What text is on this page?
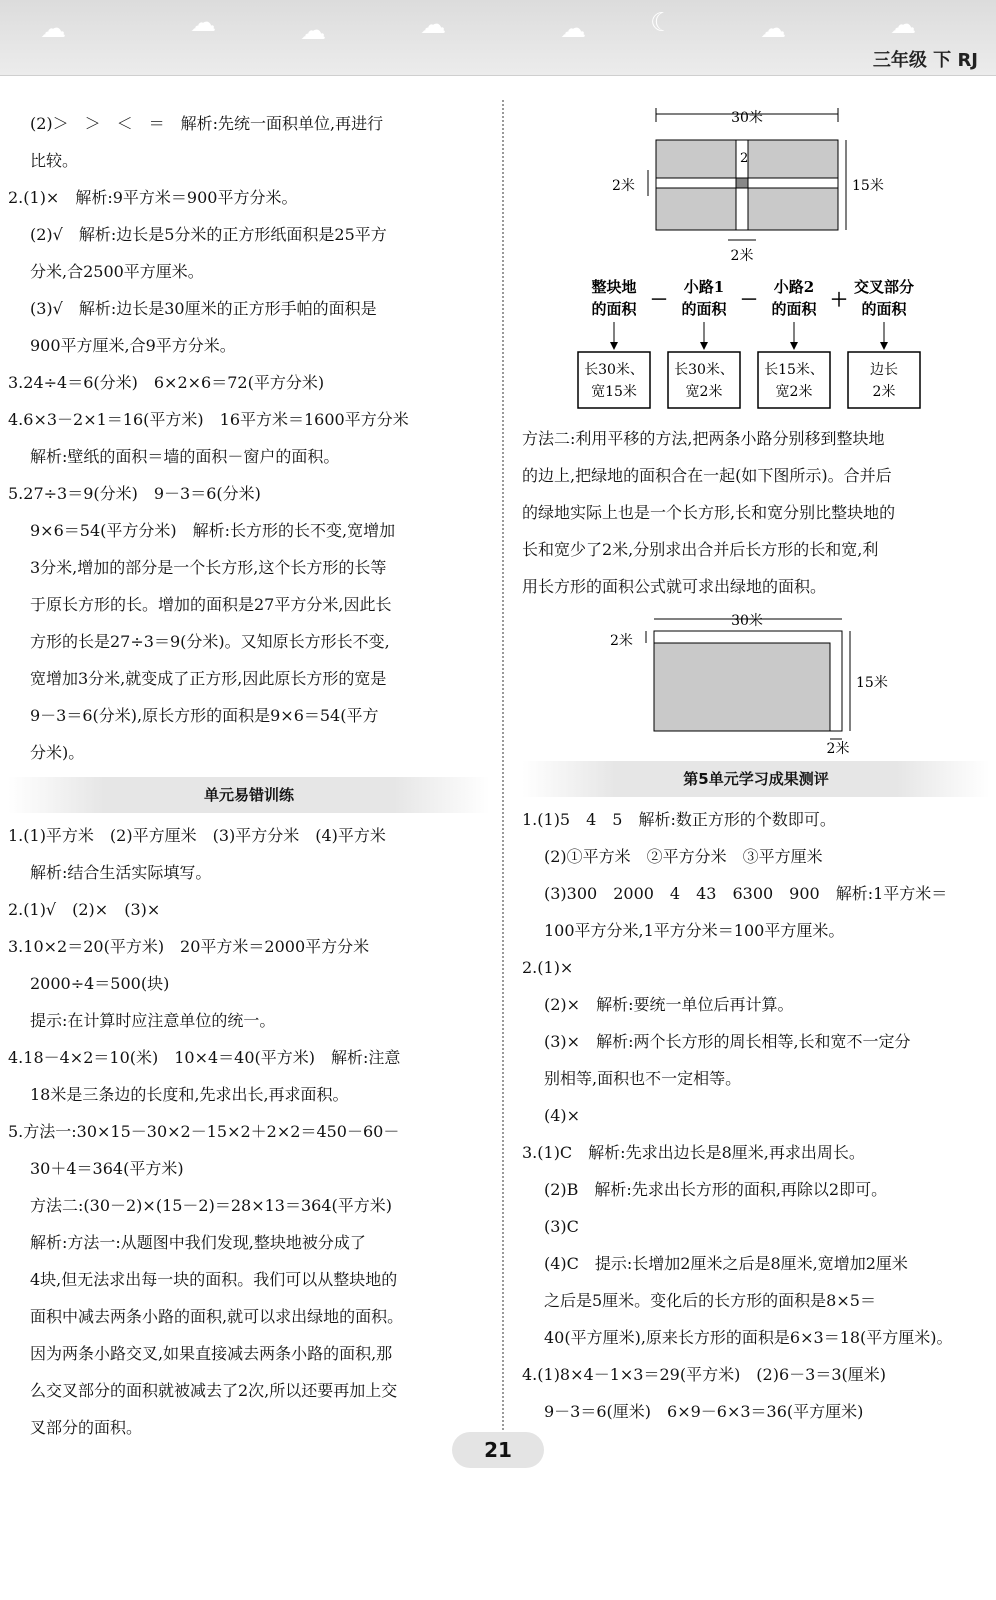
☁	☁	☁	☁	☁ ☾	☁	☁
三年级 下 RJ
(2)＞　＞　＜　＝　解析:先统一面积单位,再进行
比较。
2.(1)×　解析:9平方米＝900平方分米。
(2)√　解析:边长是5分米的正方形纸面积是25平方
分米,合2500平方厘米。
(3)√　解析:边长是30厘米的正方形手帕的面积是
900平方厘米,合9平方分米。
3.24÷4＝6(分米)　6×2×6＝72(平方分米)
4.6×3－2×1＝16(平方米)　16平方米＝1600平方分米
解析:壁纸的面积＝墙的面积－窗户的面积。
5.27÷3＝9(分米)　9－3＝6(分米)
9×6＝54(平方分米)　解析:长方形的长不变,宽增加
3分米,增加的部分是一个长方形,这个长方形的长等
于原长方形的长。增加的面积是27平方分米,因此长
方形的长是27÷3＝9(分米)。又知原长方形长不变,
宽增加3分米,就变成了正方形,因此原长方形的宽是
9－3＝6(分米),原长方形的面积是9×6＝54(平方
分米)。
单元易错训练
1.(1)平方米　(2)平方厘米　(3)平方分米　(4)平方米
解析:结合生活实际填写。
2.(1)√　(2)×　(3)×
3.10×2＝20(平方米)　20平方米＝2000平方分米
2000÷4＝500(块)
提示:在计算时应注意单位的统一。
4.18－4×2＝10(米)　10×4＝40(平方米)　解析:注意
18米是三条边的长度和,先求出长,再求面积。
5.方法一:30×15－30×2－15×2＋2×2＝450－60－
30＋4＝364(平方米)
方法二:(30－2)×(15－2)＝28×13＝364(平方米)
解析:方法一:从题图中我们发现,整块地被分成了
4块,但无法求出每一块的面积。我们可以从整块地的
面积中减去两条小路的面积,就可以求出绿地的面积。
因为两条小路交叉,如果直接减去两条小路的面积,那
么交叉部分的面积就被减去了2次,所以还要再加上交
叉部分的面积。
30米
2
2米	15米
2米
整块地
的面积
长30米、
宽15米
小路1
的面积
长30米、
宽2米
小路2
的面积
长15米、
宽2米
交叉部分
的面积
边长
2米
－	－	＋
方法二:利用平移的方法,把两条小路分别移到整块地
的边上,把绿地的面积合在一起(如下图所示)。合并后
的绿地实际上也是一个长方形,长和宽分别比整块地的
长和宽少了2米,分别求出合并后长方形的长和宽,利
用长方形的面积公式就可求出绿地的面积。
30米
2米
15米
2米
第5单元学习成果测评
1.(1)5　4　5　解析:数正方形的个数即可。
(2)①平方米　②平方分米　③平方厘米
(3)300　2000　4　43　6300　900　解析:1平方米＝
100平方分米,1平方分米＝100平方厘米。
2.(1)×
(2)×　解析:要统一单位后再计算。
(3)×　解析:两个长方形的周长相等,长和宽不一定分
别相等,面积也不一定相等。
(4)×
3.(1)C　解析:先求出边长是8厘米,再求出周长。
(2)B　解析:先求出长方形的面积,再除以2即可。
(3)C
(4)C　提示:长增加2厘米之后是8厘米,宽增加2厘米
之后是5厘米。变化后的长方形的面积是8×5＝
40(平方厘米),原来长方形的面积是6×3＝18(平方厘米)。
4.(1)8×4－1×3＝29(平方米)　(2)6－3＝3(厘米)
9－3＝6(厘米)　6×9－6×3＝36(平方厘米)
21
